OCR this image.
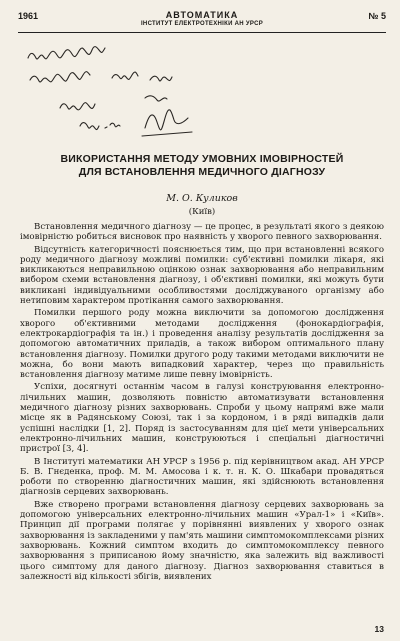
1961	АВТОМАТИКА
ІНСТИТУТ ЕЛЕКТРОТЕХНІКИ АН УРСР
№ 5
ВИКОРИСТАННЯ МЕТОДУ УМОВНИХ ІМОВІРНОСТЕЙ
ДЛЯ ВСТАНОВЛЕННЯ МЕДИЧНОГО ДІАГНОЗУ
М. О. Куликов
(Київ)

Встановлення медичного діагнозу — це процес, в результаті якого з деякою імовірністю робиться висновок про наявність у хворого певного захворювання.

Відсутність категоричності пояснюється тим, що при встановленні всякого роду медичного діагнозу можливі помилки: суб'єктивні помилки лікаря, які викликаються неправильною оцінкою ознак захворювання або неправильним вибором схеми встановлення діагнозу, і об'єктивні помилки, які можуть бути викликані індивідуальними особливостями досліджуваного організму або нетиповим характером протікання самого захворювання.

Помилки першого роду можна виключити за допомогою дослідження хворого об'єктивними методами дослідження (фонокардіографія, електрокардіографія та ін.) і проведення аналізу результатів дослідження за допомогою автоматичних приладів, а також вибором оптимального плану встановлення діагнозу. Помилки другого роду такими методами виключити не можна, бо вони мають випадковий характер, через що правильність встановлення діагнозу матиме лише певну імовірність.

Успіхи, досягнуті останнім часом в галузі конструювання електронно-лічильних машин, дозволяють повністю автоматизувати встановлення медичного діагнозу різних захворювань. Спроби у цьому напрямі вже мали місце як в Радянському Союзі, так і за кордоном, і в ряді випадків дали успішні наслідки [1, 2]. Поряд із застосуванням для цієї мети універсальних електронно-лічильних машин, конструюються і спеціальні діагностичні пристрої [3, 4].

В Інституті математики АН УРСР з 1956 р. під керівництвом акад. АН УРСР Б. В. Гнєденка, проф. М. М. Амосова і к. т. н. К. О. Шкабари провадяться роботи по створенню діагностичних машин, які здійснюють встановлення діагнозів серцевих захворювань.

Вже створено програми встановлення діагнозу серцевих захворювань за допомогою універсальних електронно-лічильних машин «Урал-1» і «Київ». Принцип дії програми полягає у порівнянні виявлених у хворого ознак захворювання із закладеними у пам'ять машини симптомокомплексами різних захворювань. Кожний симптом входить до симптомокомплексу певного захворювання з приписаною йому значністю, яка залежить від важливості цього симптому для даного діагнозу. Діагноз захворювання ставиться в залежності від кількості збігів, виявлених

13
